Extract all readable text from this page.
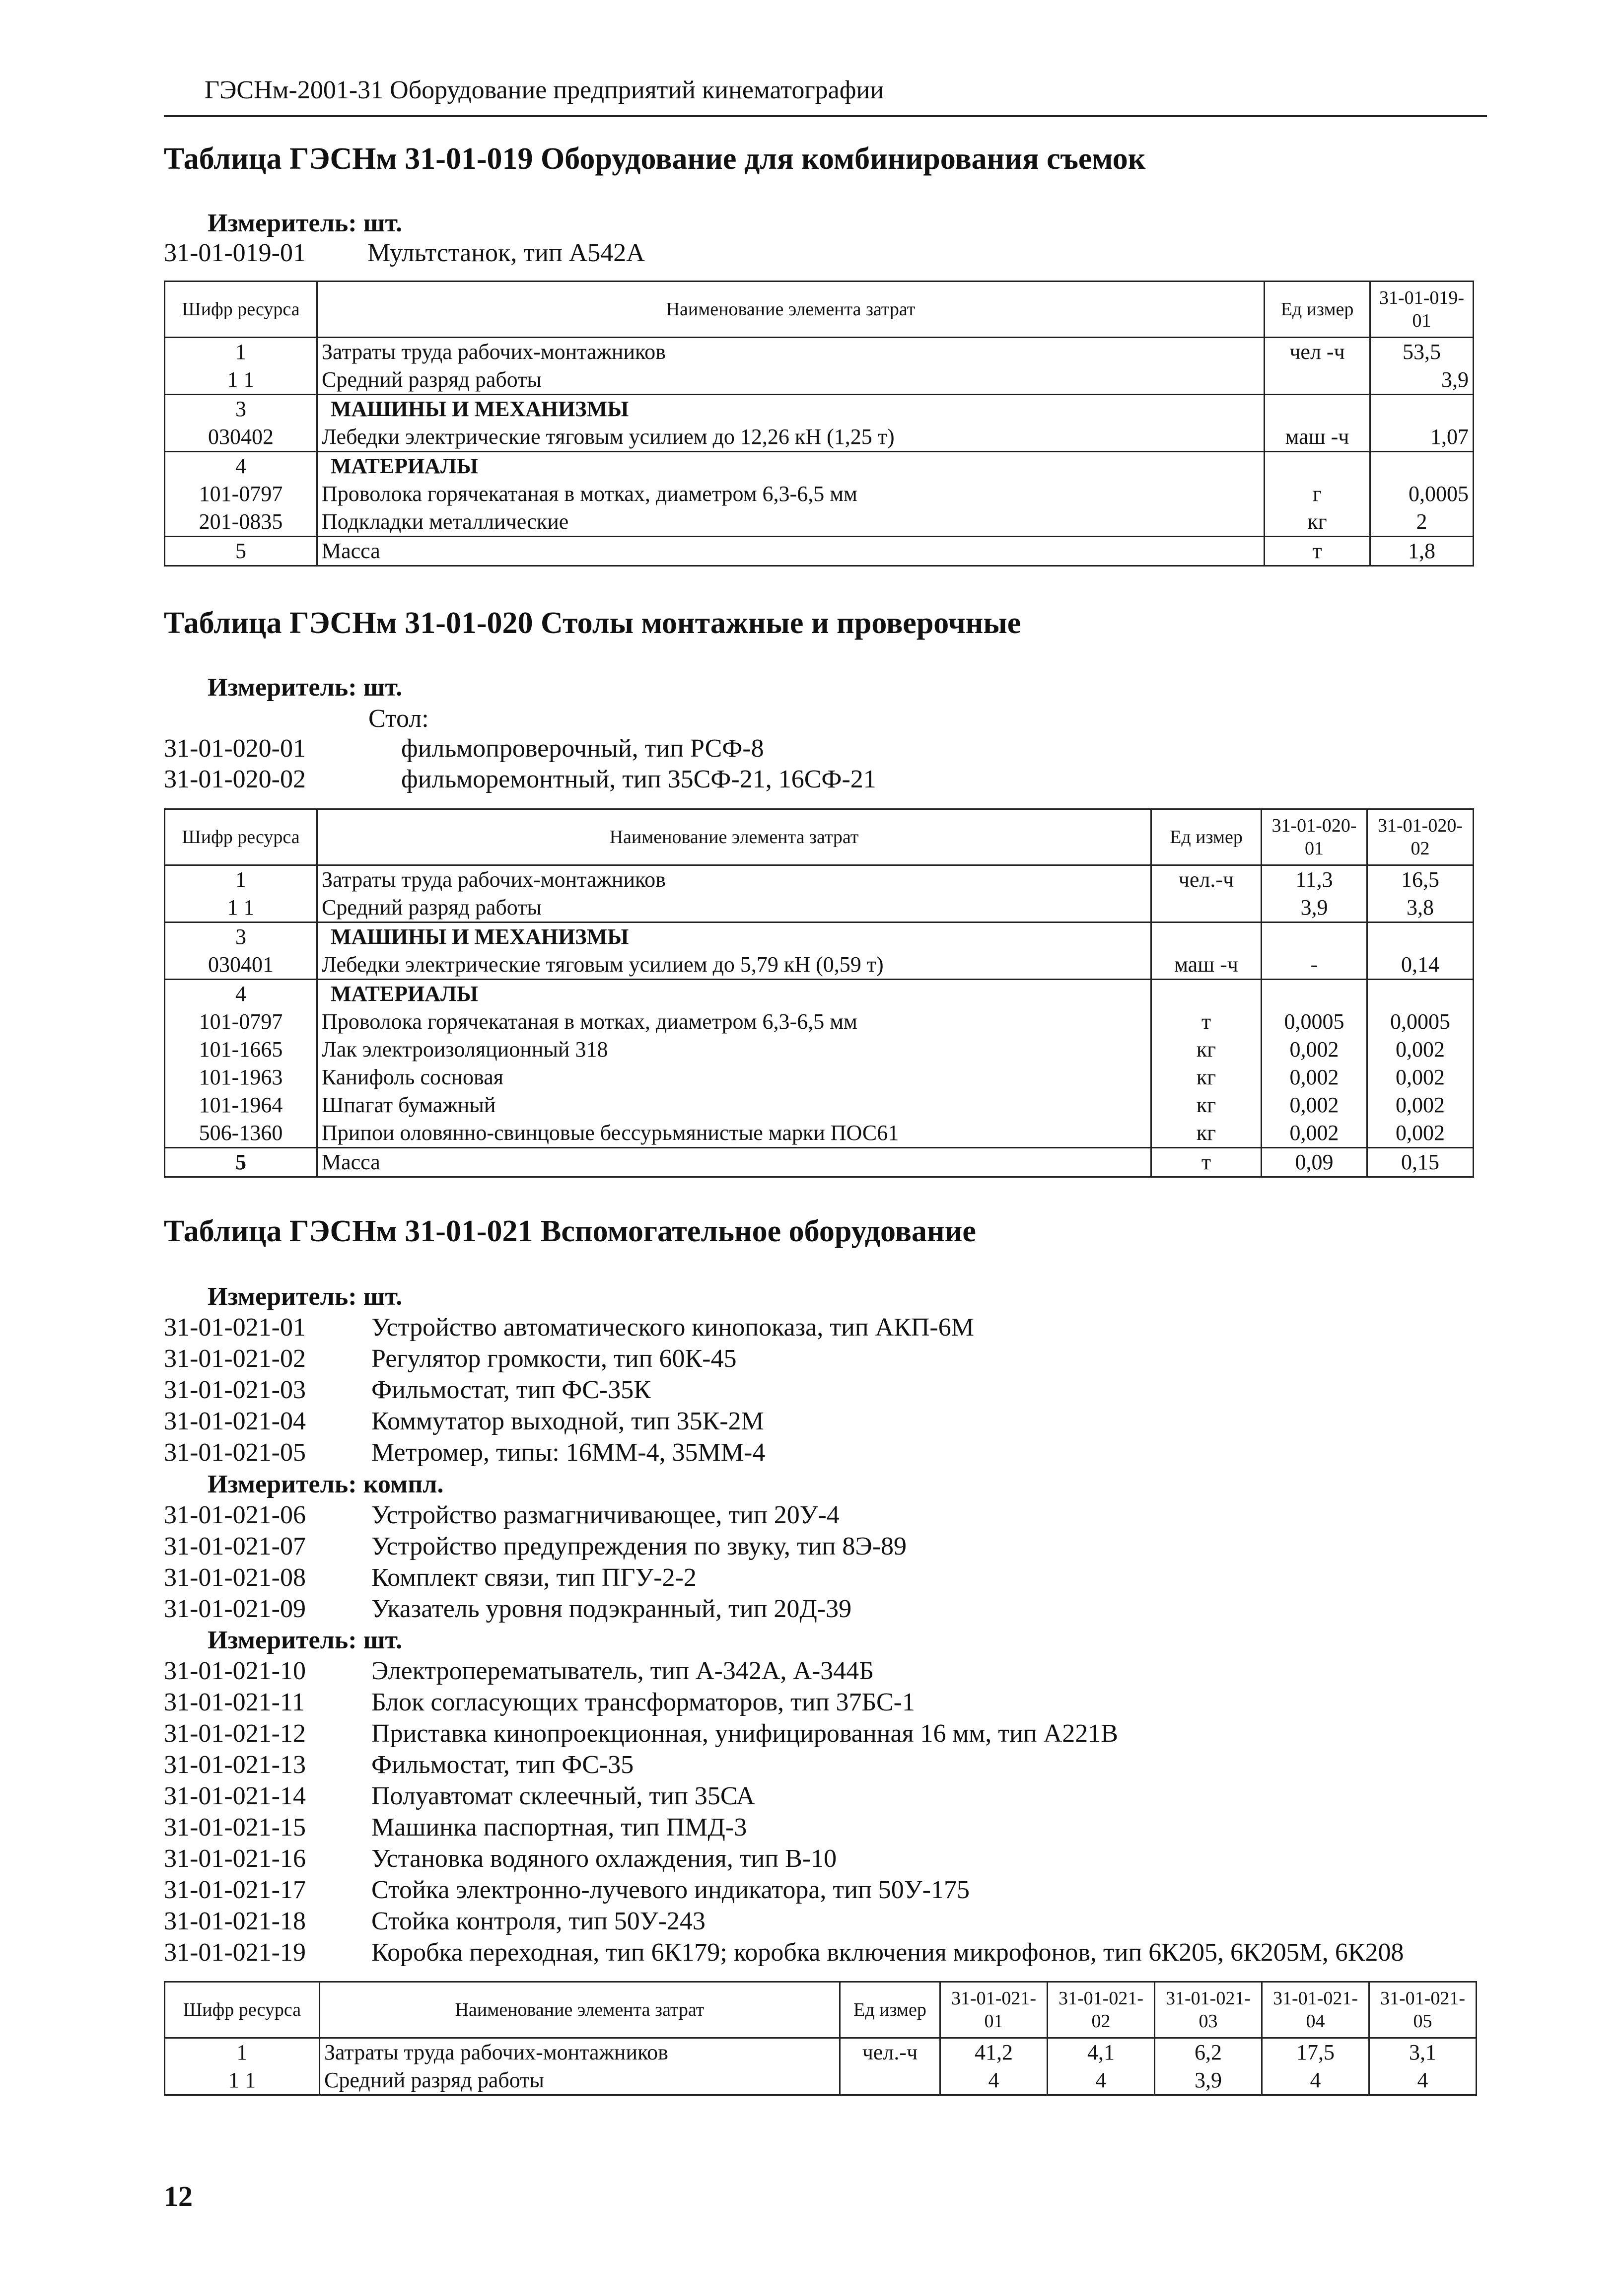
ГЭСНм-2001-31 Оборудование предприятий кинематографии
Таблица ГЭСНм 31-01-019 Оборудование для комбинирования съемок
Измеритель: шт.
31-01-019-01 Мультстанок, тип А542А
Шифр ресурса	Наименование элемента затрат	Ед измер	31-01-019-01
1	Затраты труда рабочих-монтажников	чел -ч	53,5
1 1	Средний разряд работы		3,9
3	МАШИНЫ И МЕХАНИЗМЫ		
030402	Лебедки электрические тяговым усилием до 12,26 кН (1,25 т)	маш -ч	1,07
4	МАТЕРИАЛЫ		
101-0797	Проволока горячекатаная в мотках, диаметром 6,3-6,5 мм	г	0,0005
201-0835	Подкладки металлические	кг	2
5	Масса	т	1,8
Таблица ГЭСНм 31-01-020 Столы монтажные и проверочные
Измеритель: шт.
Стол:
31-01-020-01	фильмопроверочный, тип РСФ-8
31-01-020-02	фильморемонтный, тип 35СФ-21, 16СФ-21
Шифр ресурса	Наименование элемента затрат	Ед измер	31-01-020-01	31-01-020-02
1	Затраты труда рабочих-монтажников	чел.-ч	11,3	16,5
1 1	Средний разряд работы		3,9	3,8
3	МАШИНЫ И МЕХАНИЗМЫ			
030401	Лебедки электрические тяговым усилием до 5,79 кН (0,59 т)	маш -ч	-	0,14
4	МАТЕРИАЛЫ			
101-0797	Проволока горячекатаная в мотках, диаметром 6,3-6,5 мм	т	0,0005	0,0005
101-1665	Лак электроизоляционный 318	кг	0,002	0,002
101-1963	Канифоль сосновая	кг	0,002	0,002
101-1964	Шпагат бумажный	кг	0,002	0,002
506-1360	Припои оловянно-свинцовые бессурьмянистые марки ПОС61	кг	0,002	0,002
5	Масса	т	0,09	0,15
Таблица ГЭСНм 31-01-021 Вспомогательное оборудование
Измеритель: шт.
31-01-021-01	Устройство автоматического кинопоказа, тип АКП-6М
31-01-021-02	Регулятор громкости, тип 60К-45
31-01-021-03	Фильмостат, тип ФС-35К
31-01-021-04	Коммутатор выходной, тип 35К-2М
31-01-021-05	Метромер, типы: 16ММ-4, 35ММ-4
Измеритель: компл.
31-01-021-06	Устройство размагничивающее, тип 20У-4
31-01-021-07	Устройство предупреждения по звуку, тип 8Э-89
31-01-021-08	Комплект связи, тип ПГУ-2-2
31-01-021-09	Указатель уровня подэкранный, тип 20Д-39
Измеритель: шт.
31-01-021-10	Электроперематыватель, тип А-342А, А-344Б
31-01-021-11	Блок согласующих трансформаторов, тип 37БС-1
31-01-021-12	Приставка кинопроекционная, унифицированная 16 мм, тип А221В
31-01-021-13	Фильмостат, тип ФС-35
31-01-021-14	Полуавтомат склеечный, тип 35СА
31-01-021-15	Машинка паспортная, тип ПМД-3
31-01-021-16	Установка водяного охлаждения, тип В-10
31-01-021-17	Стойка электронно-лучевого индикатора, тип 50У-175
31-01-021-18	Стойка контроля, тип 50У-243
31-01-021-19	Коробка переходная, тип 6К179; коробка включения микрофонов, тип 6К205, 6К205М, 6К208
Шифр ресурса	Наименование элемента затрат	Ед измер	31-01-021-01	31-01-021-02	31-01-021-03	31-01-021-04	31-01-021-05
1	Затраты труда рабочих-монтажников	чел.-ч	41,2	4,1	6,2	17,5	3,1
1 1	Средний разряд работы		4	4	3,9	4	4
12
